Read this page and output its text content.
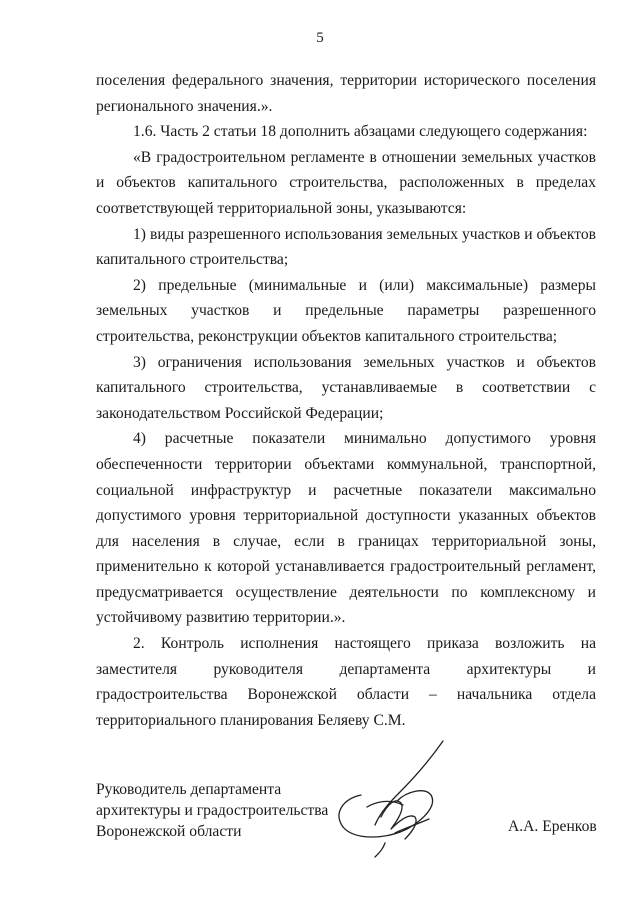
5

поселения федерального значения, территории исторического поселения регионального значения.».

1.6. Часть 2 статьи 18 дополнить абзацами следующего содержания:

«В градостроительном регламенте в отношении земельных участков и объектов капитального строительства, расположенных в пределах соответствующей территориальной зоны, указываются:

1) виды разрешенного использования земельных участков и объектов капитального строительства;

2) предельные (минимальные и (или) максимальные) размеры земельных участков и предельные параметры разрешенного строительства, реконструкции объектов капитального строительства;

3) ограничения использования земельных участков и объектов капитального строительства, устанавливаемые в соответствии с законодательством Российской Федерации;

4) расчетные показатели минимально допустимого уровня обеспеченности территории объектами коммунальной, транспортной, социальной инфраструктур и расчетные показатели максимально допустимого уровня территориальной доступности указанных объектов для населения в случае, если в границах территориальной зоны, применительно к которой устанавливается градостроительный регламент, предусматривается осуществление деятельности по комплексному и устойчивому развитию территории.».

2. Контроль исполнения настоящего приказа возложить на заместителя руководителя департамента архитектуры и градостроительства Воронежской области – начальника отдела территориального планирования Беляеву С.М.

Руководитель департамента
архитектуры и градостроительства
Воронежской области	А.А. Еренков
